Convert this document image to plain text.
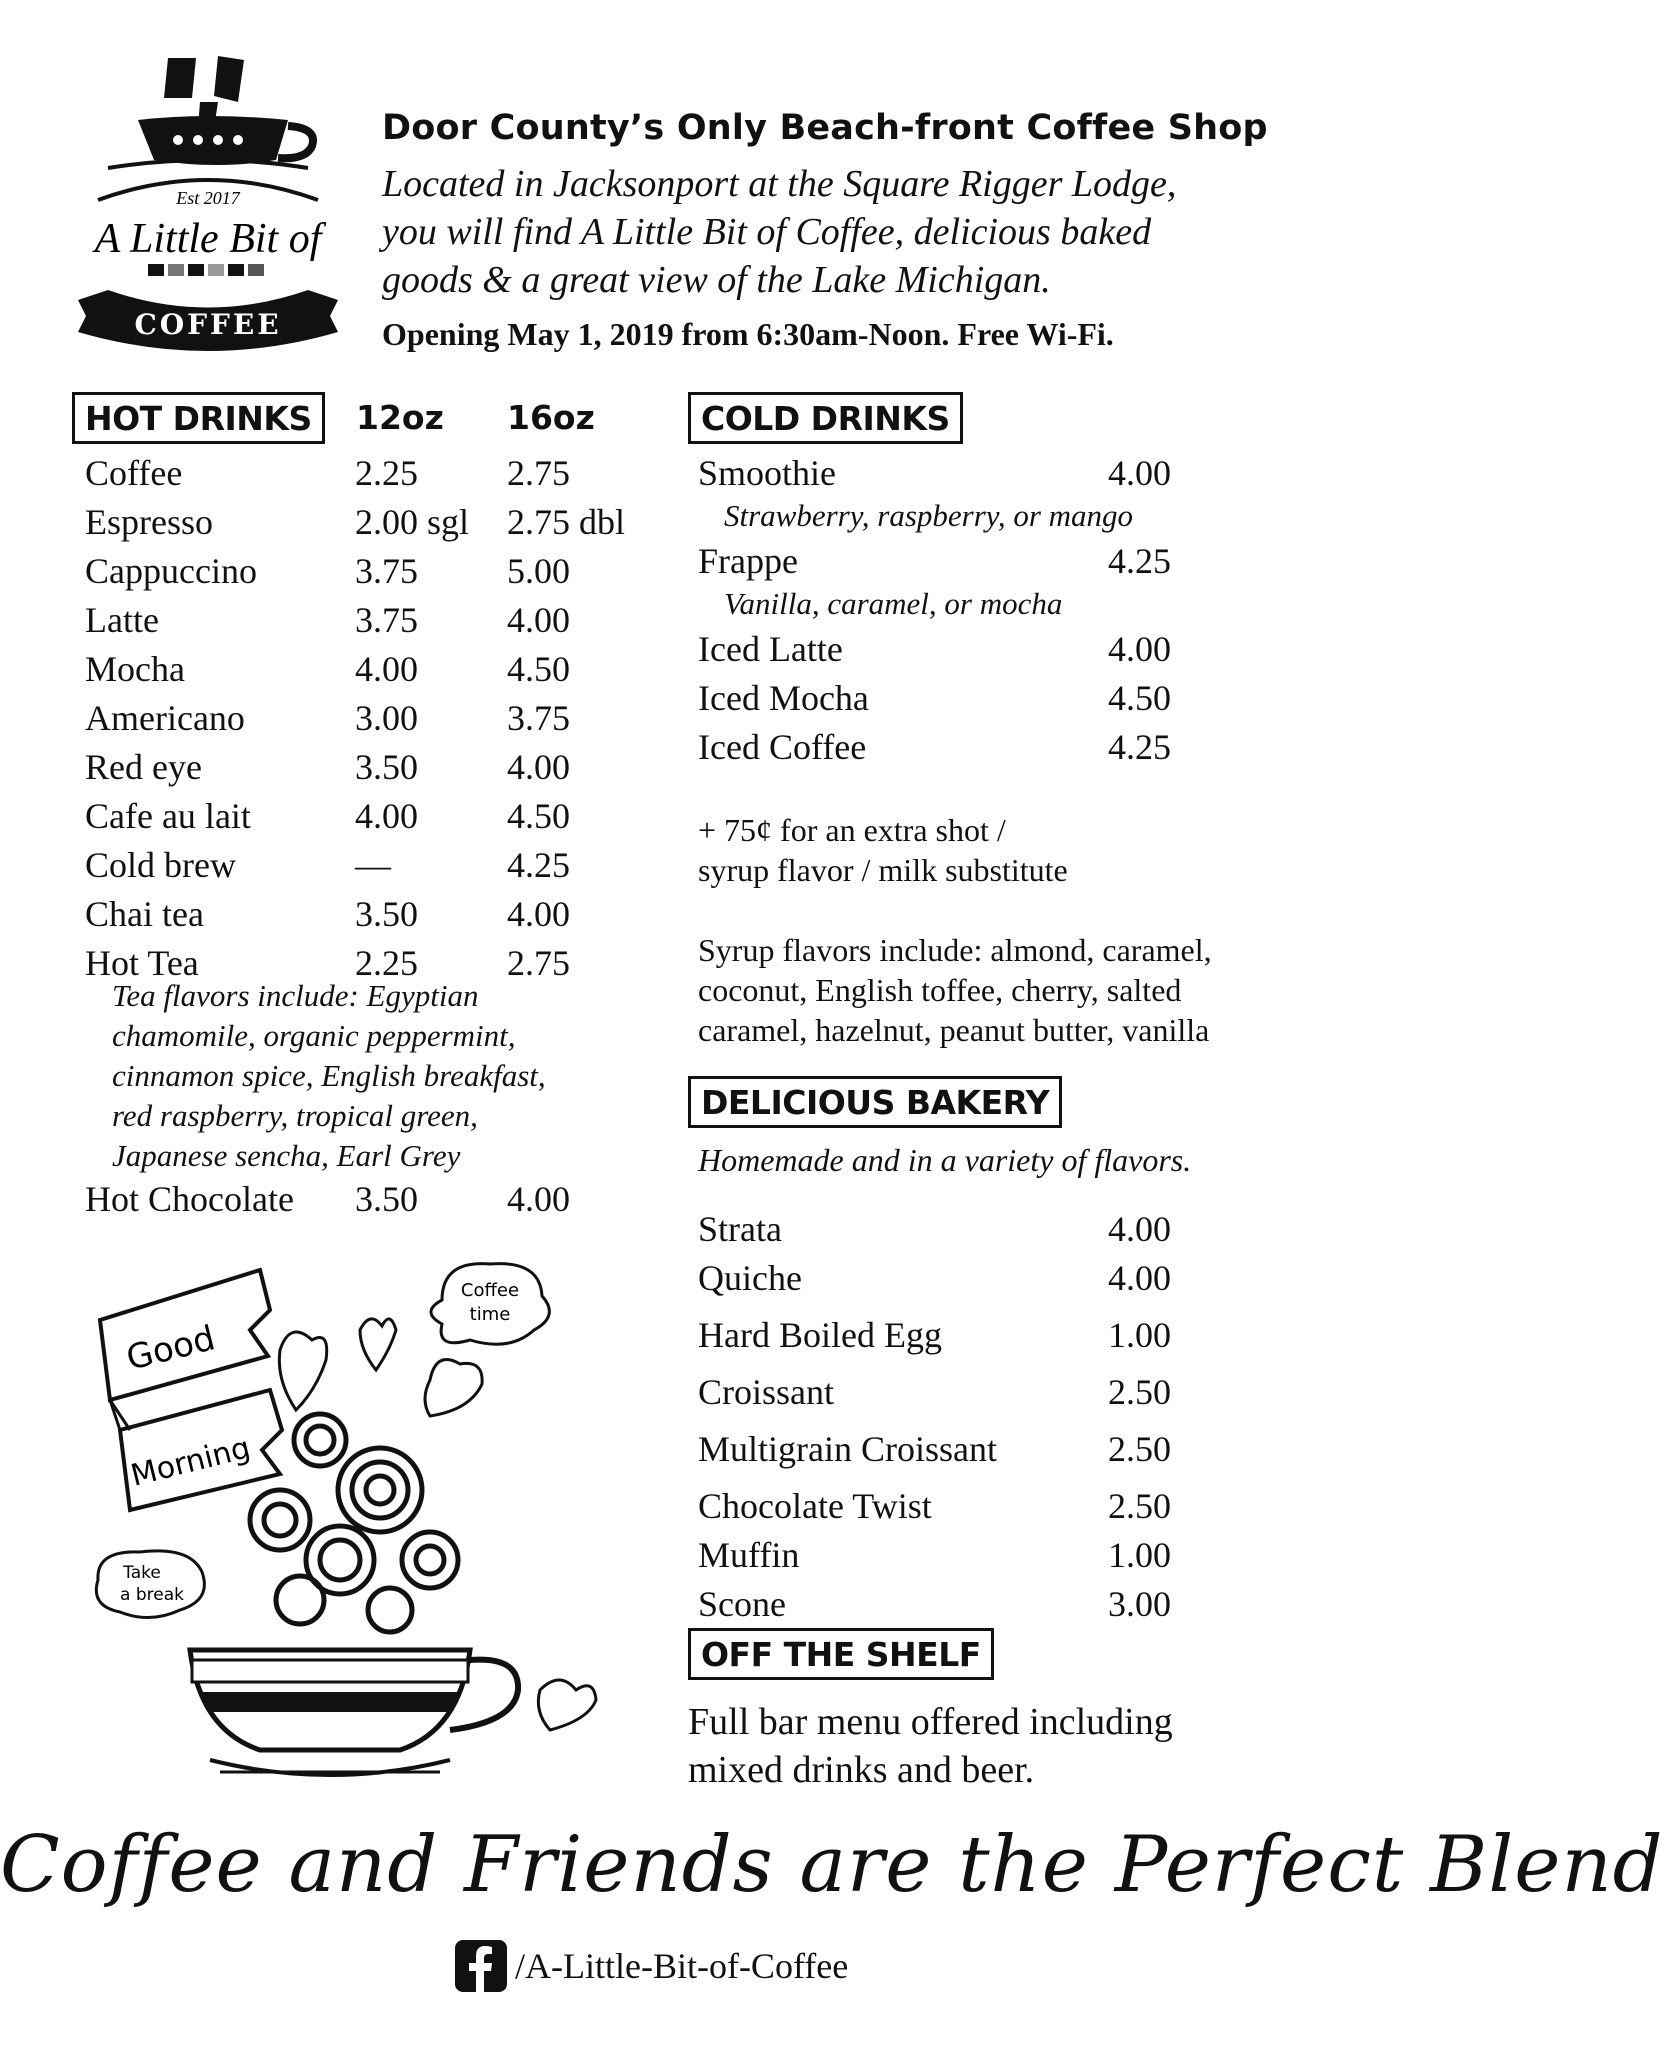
Est 2017
A Little Bit of
COFFEE
Door County’s Only Beach-front Coffee Shop
Located in Jacksonport at the Square Rigger Lodge,
you will find A Little Bit of Coffee, delicious baked
goods & a great view of the Lake Michigan.
Opening May 1, 2019 from 6:30am-Noon. Free Wi-Fi.
HOT DRINKS	12oz 16oz
Coffee	2.25 2.75
Espresso	2.00 sgl 2.75 dbl
Cappuccino	3.75 5.00
Latte	3.75 4.00
Mocha	4.00 4.50
Americano	3.00 3.75
Red eye	3.50 4.00
Cafe au lait	4.00 4.50
Cold brew	—	4.25
Chai tea	3.50 4.00
Hot Tea	2.25 2.75
Tea flavors include: Egyptian
chamomile, organic peppermint,
cinnamon spice, English breakfast,
red raspberry, tropical green,
Japanese sencha, Earl Grey
Hot Chocolate 3.50 4.00
COLD DRINKS
Smoothie	4.00
Strawberry, raspberry, or mango
Frappe	4.25
Vanilla, caramel, or mocha
Iced Latte	4.00
Iced Mocha	4.50
Iced Coffee	4.25
+ 75¢ for an extra shot /
syrup flavor / milk substitute
Syrup flavors include: almond, caramel,
coconut, English toffee, cherry, salted
caramel, hazelnut, peanut butter, vanilla
DELICIOUS BAKERY
Homemade and in a variety of flavors.
Strata	4.00
Quiche	4.00
Hard Boiled Egg	1.00
Croissant	2.50
Multigrain Croissant	2.50
Chocolate Twist	2.50
Muffin	1.00
Scone	3.00
OFF THE SHELF
Full bar menu offered including
mixed drinks and beer.
Good
Morning
Coffee
time
Take
a break
Coffee and Friends are the Perfect Blend
/A-Little-Bit-of-Coffee
